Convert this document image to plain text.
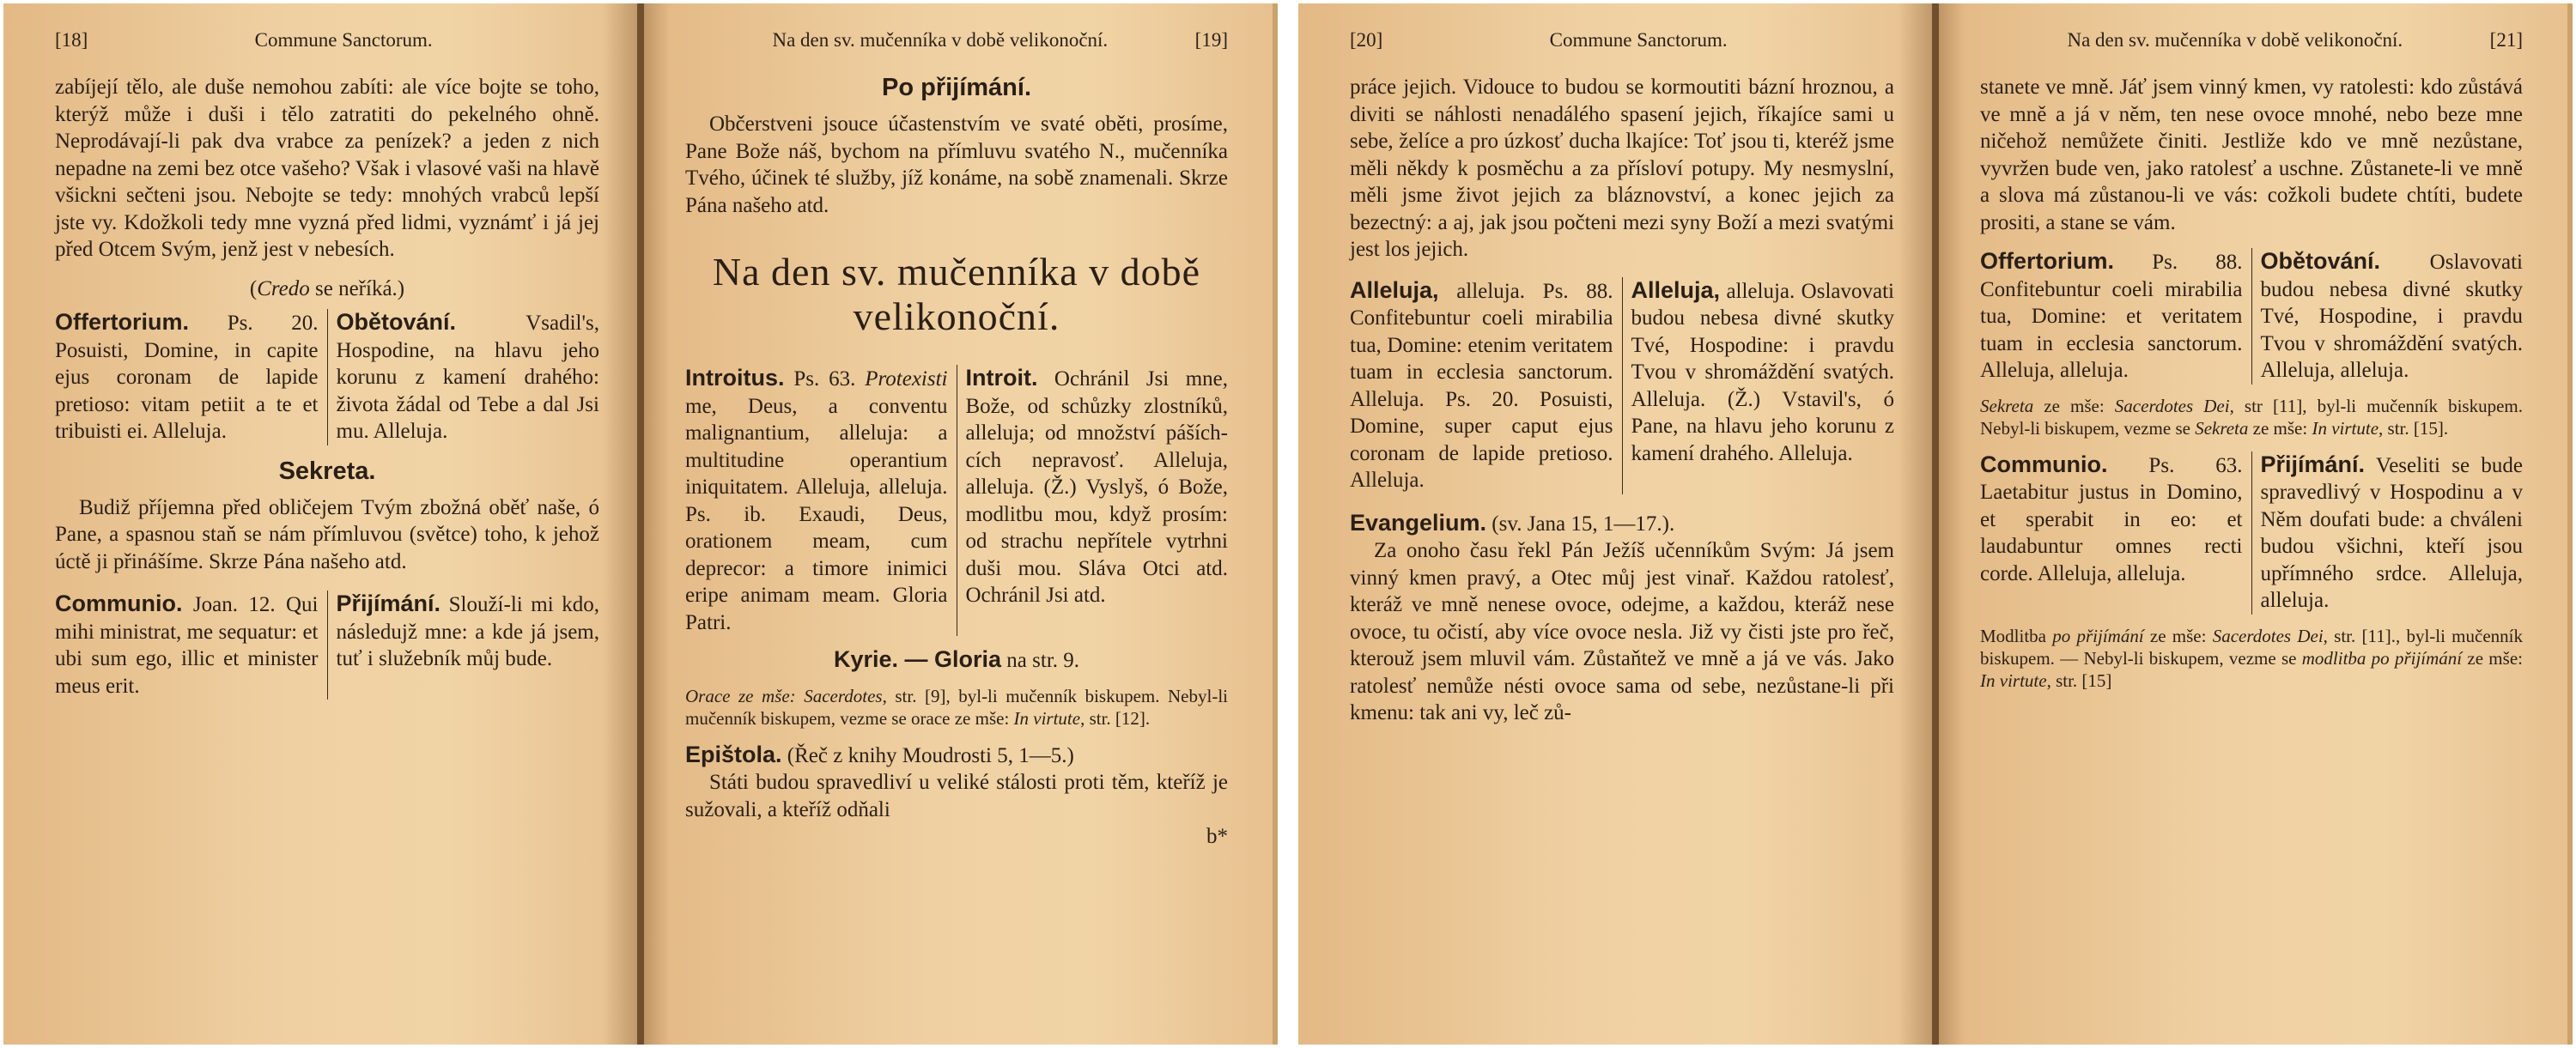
[18]	Commune Sanctorum.

zabíjejí tělo, ale duše nemohou zabíti: ale více bojte se toho, kterýž může i duši i tělo zatratiti do pekelného ohně. Neprodávají-li pak dva vrabce za penízek? a jeden z nich nepadne na zemi bez otce vašeho? Však i vlasové vaši na hlavě všickni sečteni jsou. Nebojte se tedy: mnohých vrabců lepší jste vy. Kdožkoli tedy mne vyzná před lidmi, vyznámť i já jej před Otcem Svým, jenž jest v nebesích.

(Credo se neříká.)

Offertorium. Ps. 20. Posuisti, Domine, in capite ejus coronam de lapide pretioso: vitam petiit a te et tribuisti ei. Alleluja.

Obětování. Vsadil's, Hospodine, na hlavu jeho korunu z kamení drahého: života žádal od Tebe a dal Jsi mu. Alleluja.

Sekreta.

Budiž příjemna před obličejem Tvým zbožná oběť naše, ó Pane, a spasnou staň se nám přímluvou (světce) toho, k jehož úctě ji přinášíme. Skrze Pána našeho atd.

Communio. Joan. 12. Qui mihi ministrat, me sequatur: et ubi sum ego, illic et minister meus erit.

Přijímání. Slouží-li mi kdo, následujž mne: a kde já jsem, tuť i služebník můj bude.

Na den sv. mučenníka v době velikonoční.	[19]
Po přijímání.

Občerstveni jsouce účastenstvím ve svaté oběti, prosíme, Pane Bože náš, bychom na přímluvu svatého N., mučenníka Tvého, účinek té služby, jíž konáme, na sobě znamenali. Skrze Pána našeho atd.

Na den sv. mučenníka v době velikonoční.

Introitus. Ps. 63. Protexisti me, Deus, a conventu malignantium, alleluja: a multitudine operantium iniquitatem. Alleluja, alleluja. Ps. ib. Exaudi, Deus, orationem meam, cum deprecor: a timore inimici eripe animam meam. Gloria Patri.

Introit. Ochránil Jsi mne, Bože, od schůzky zlostníků, alleluja; od množství pášíchcích nepravosť. Alleluja, alleluja. (Ž.) Vyslyš, ó Bože, modlitbu mou, když prosím: od strachu nepřítele vytrhni duši mou. Sláva Otci atd. Ochránil Jsi atd.

Kyrie. — Gloria na str. 9.

Orace ze mše: Sacerdotes, str. [9], byl-li mučenník biskupem. Nebyl-li mučenník biskupem, vezme se orace ze mše: In virtute, str. [12].

Epištola. (Řeč z knihy Moudrosti 5, 1—5.)

Státi budou spravedliví u veliké stálosti proti těm, kteříž je sužovali, a kteříž odňali

b*
[20]	Commune Sanctorum.

práce jejich. Vidouce to budou se kormoutiti bázní hroznou, a diviti se náhlosti nenadálého spasení jejich, říkajíce sami u sebe, želíce a pro úzkosť ducha lkajíce: Toť jsou ti, kteréž jsme měli někdy k posměchu a za přísloví potupy. My nesmyslní, měli jsme život jejich za bláznovství, a konec jejich za bezectný: a aj, jak jsou počteni mezi syny Boží a mezi svatými jest los jejich.

Alleluja, alleluja. Ps. 88. Confitebuntur coeli mirabilia tua, Domine: etenim veritatem tuam in ecclesia sanctorum. Alleluja. Ps. 20. Posuisti, Domine, super caput ejus coronam de lapide pretioso. Alleluja.

Alleluja, alleluja. Oslavovati budou nebesa divné skutky Tvé, Hospodine: i pravdu Tvou v shromáždění svatých. Alleluja. (Ž.) Vstavil's, ó Pane, na hlavu jeho korunu z kamení drahého. Alleluja.

Evangelium. (sv. Jana 15, 1—17.).

Za onoho času řekl Pán Ježíš učenníkům Svým: Já jsem vinný kmen pravý, a Otec můj jest vinař. Každou ratolesť, kteráž ve mně nenese ovoce, odejme, a každou, kteráž nese ovoce, tu očistí, aby více ovoce nesla. Již vy čisti jste pro řeč, kterouž jsem mluvil vám. Zůstaňtež ve mně a já ve vás. Jako ratolesť nemůže nésti ovoce sama od sebe, nezůstane-li při kmenu: tak ani vy, leč zů-

Na den sv. mučenníka v době velikonoční.	[21]

stanete ve mně. Jáť jsem vinný kmen, vy ratolesti: kdo zůstává ve mně a já v něm, ten nese ovoce mnohé, nebo beze mne ničehož nemůžete činiti. Jestliže kdo ve mně nezůstane, vyvržen bude ven, jako ratolesť a uschne. Zůstanete-li ve mně a slova má zůstanou-li ve vás: cožkoli budete chtíti, budete prositi, a stane se vám.

Offertorium. Ps. 88. Confitebuntur coeli mirabilia tua, Domine: et veritatem tuam in ecclesia sanctorum. Alleluja, alleluja.

Obětování. Oslavovati budou nebesa divné skutky Tvé, Hospodine, i pravdu Tvou v shromáždění svatých. Alleluja, alleluja.

Sekreta ze mše: Sacerdotes Dei, str [11], byl-li mučenník biskupem. Nebyl-li biskupem, vezme se Sekreta ze mše: In virtute, str. [15].

Communio. Ps. 63. Laetabitur justus in Domino, et sperabit in eo: et laudabuntur omnes recti corde. Alleluja, alleluja.

Přijímání. Veseliti se bude spravedlivý v Hospodinu a v Něm doufati bude: a chváleni budou všichni, kteří jsou upřímného srdce. Alleluja, alleluja.

Modlitba po přijímání ze mše: Sacerdotes Dei, str. [11]., byl-li mučenník biskupem. — Nebyl-li biskupem, vezme se modlitba po přijímání ze mše: In virtute, str. [15]
